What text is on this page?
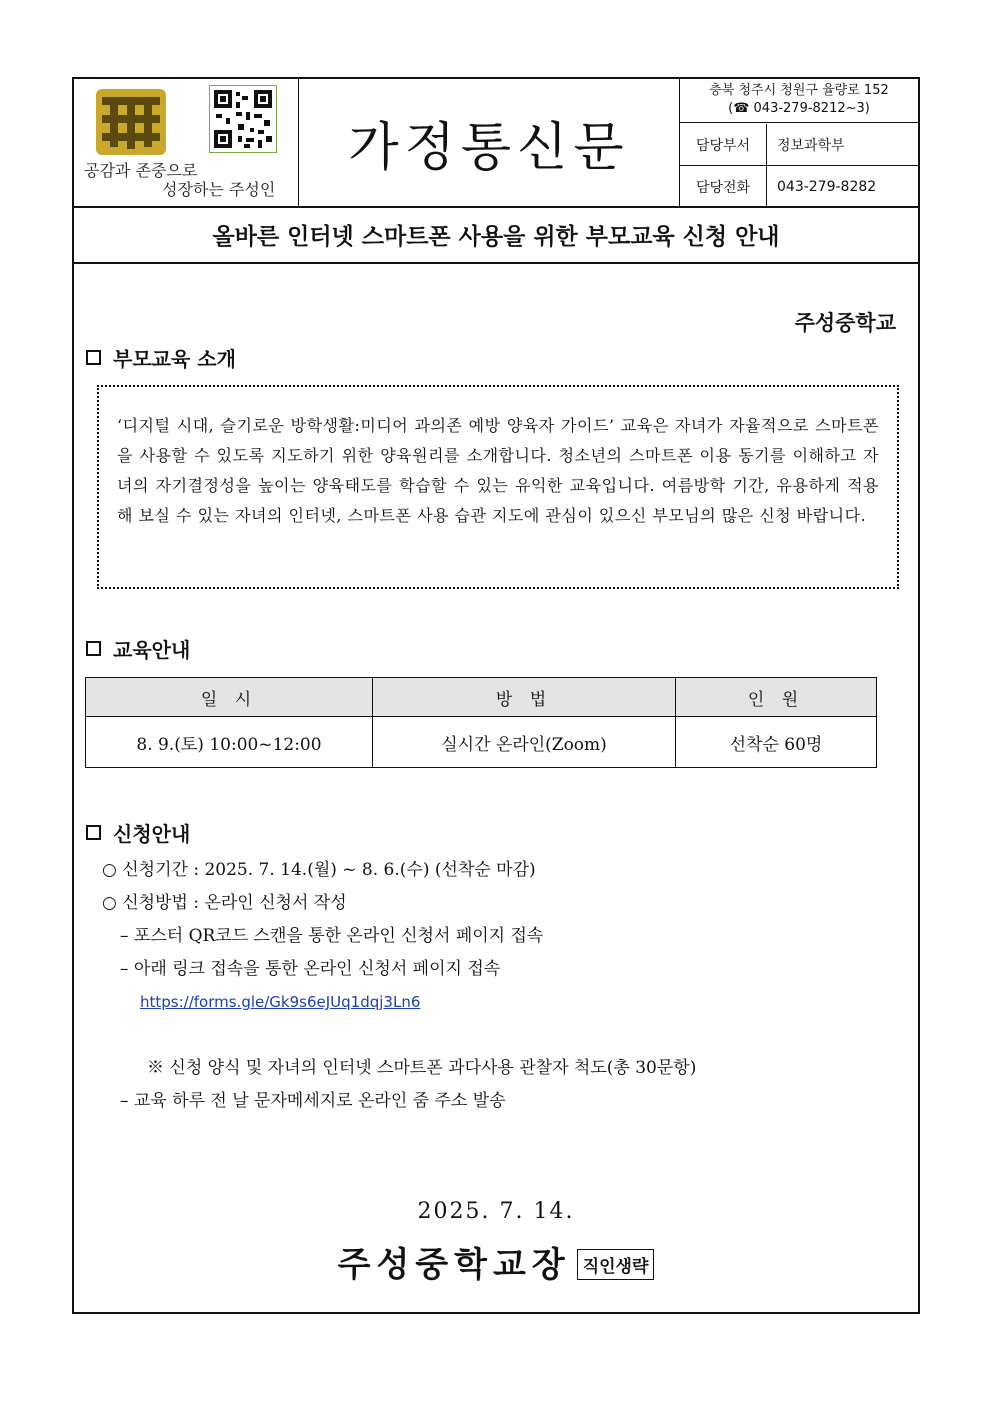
공감과 존중으로
성장하는 주성인
가정통신문
충북 청주시 청원구 율량로 152
(☎ 043-279-8212~3)
담당부서	정보과학부
담당전화	043-279-8282
올바른 인터넷 스마트폰 사용을 위한 부모교육 신청 안내
주성중학교
부모교육 소개
‘디지털 시대, 슬기로운 방학생활:미디어 과의존 예방 양육자 가이드’ 교육은 자녀가 자율적으로 스마트폰을 사용할 수 있도록 지도하기 위한 양육원리를 소개합니다. 청소년의 스마트폰 이용 동기를 이해하고 자녀의 자기결정성을 높이는 양육태도를 학습할 수 있는 유익한 교육입니다. 여름방학 기간, 유용하게 적용해 보실 수 있는 자녀의 인터넷, 스마트폰 사용 습관 지도에 관심이 있으신 부모님의 많은 신청 바랍니다.
교육안내
일 시	방 법	인 원
8. 9.(토) 10:00~12:00	실시간 온라인(Zoom)	선착순 60명
신청안내
○ 신청기간 : 2025. 7. 14.(월) ~ 8. 6.(수) (선착순 마감)
○ 신청방법 : 온라인 신청서 작성
– 포스터 QR코드 스캔을 통한 온라인 신청서 페이지 접속
– 아래 링크 접속을 통한 온라인 신청서 페이지 접속
https://forms.gle/Gk9s6eJUq1dqj3Ln6
※ 신청 양식 및 자녀의 인터넷 스마트폰 과다사용 관찰자 척도(총 30문항)
– 교육 하루 전 날 문자메세지로 온라인 줌 주소 발송
2025. 7. 14.
주성중학교장 직인생략
